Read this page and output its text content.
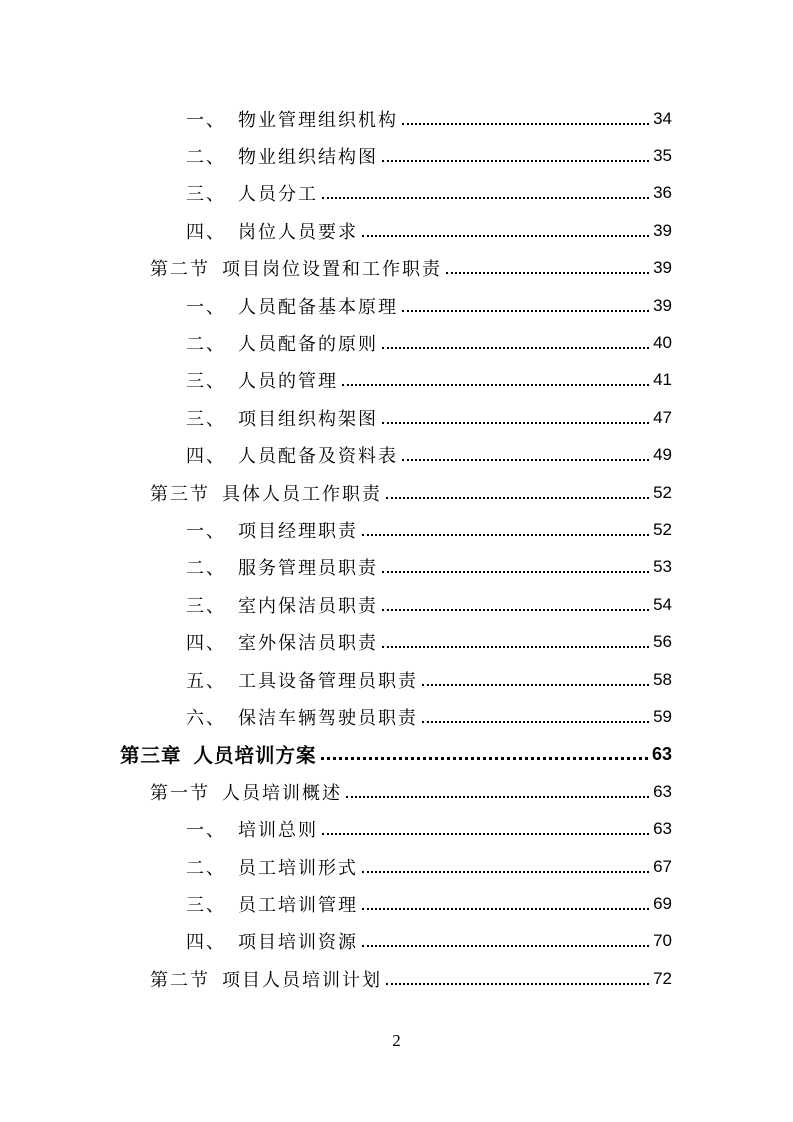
一、 物业管理组织机构	34
二、 物业组织结构图	35
三、 人员分工	36
四、 岗位人员要求	39
第二节 项目岗位设置和工作职责	39
一、 人员配备基本原理	39
二、 人员配备的原则	40
三、 人员的管理	41
三、 项目组织构架图	47
四、 人员配备及资料表	49
第三节 具体人员工作职责	52
一、 项目经理职责	52
二、 服务管理员职责	53
三、 室内保洁员职责	54
四、 室外保洁员职责	56
五、 工具设备管理员职责	58
六、 保洁车辆驾驶员职责	59
第三章 人员培训方案	63
第一节 人员培训概述	63
一、 培训总则	63
二、 员工培训形式	67
三、 员工培训管理	69
四、 项目培训资源	70
第二节 项目人员培训计划	72
2
